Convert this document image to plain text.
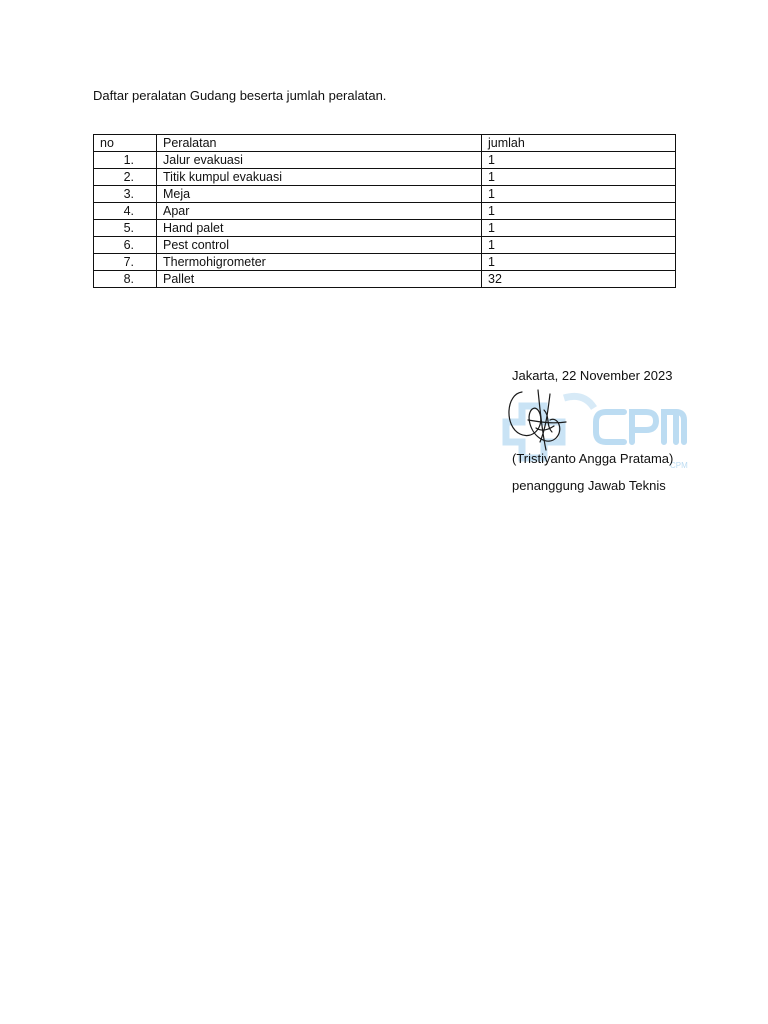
Daftar peralatan Gudang beserta jumlah peralatan.
no	Peralatan	jumlah
1.	Jalur evakuasi	1
2.	Titik kumpul evakuasi	1
3.	Meja	1
4.	Apar	1
5.	Hand palet	1
6.	Pest control	1
7.	Thermohigrometer	1
8.	Pallet	32
CPM
Jakarta, 22 November 2023
(Tristiyanto Angga Pratama)
penanggung Jawab Teknis
